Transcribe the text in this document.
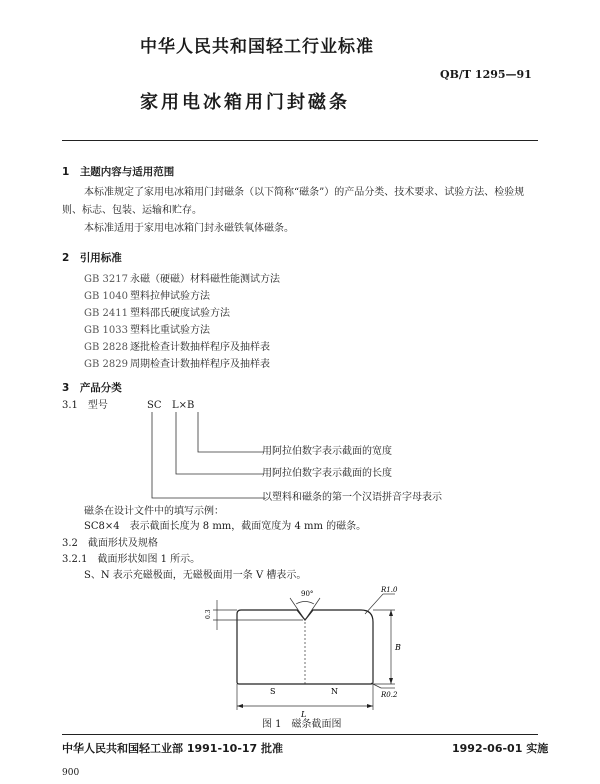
中华人民共和国轻工行业标准
QB/T 1295—91
家用电冰箱用门封磁条
1　 主题内容与适用范围
本标准规定了家用电冰箱用门封磁条（以下简称“磁条”）的产品分类、技术要求、试验方法、检验规
则、标志、包装、运输和贮存。
本标准适用于家用电冰箱门封永磁铁氧体磁条。
2　 引用标准
GB 3217 永磁（硬磁）材料磁性能测试方法
GB 1040 塑料拉伸试验方法
GB 2411 塑料邵氏硬度试验方法
GB 1033 塑料比重试验方法
GB 2828 逐批检查计数抽样程序及抽样表
GB 2829 周期检查计数抽样程序及抽样表
3　 产品分类
3.1　 型号	SC L×B
用阿拉伯数字表示截面的宽度
用阿拉伯数字表示截面的长度
以塑料和磁条的第一个汉语拼音字母表示
磁条在设计文件中的填写示例：
SC8×4　表示截面长度为 8 mm，截面宽度为 4 mm 的磁条。
3.2　 截面形状及规格
3.2.1　 截面形状如图 1 所示。
S、N 表示充磁极面，无磁极面用一条 V 槽表示。
90°	R1.0
R0.2
B
L
0.3
S	N
图 1　磁条截面图
中华人民共和国轻工业部 1991-10-17 批准	1992-06-01 实施
900
